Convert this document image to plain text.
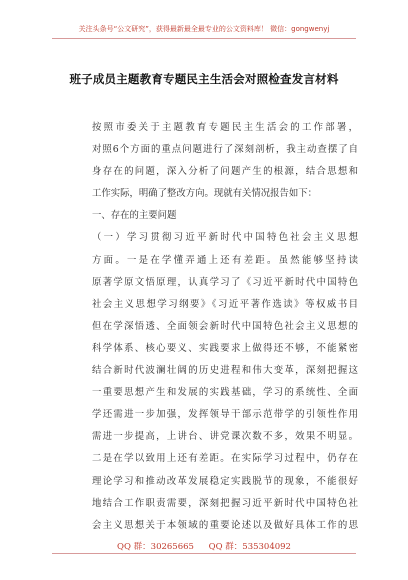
关注头条号“公文研究”，获得最新最全最专业的公文资料库！ 微信：gongwenyj
班子成员主题教育专题民主生活会对照检查发言材料
按照市委关于主题教育专题民主生活会的工作部署，
对照6个方面的重点问题进行了深刻剖析，我主动查摆了自
身存在的问题，深入分析了问题产生的根源，结合思想和
工作实际，明确了整改方向。现就有关情况报告如下：
一、存在的主要问题
（一）学习贯彻习近平新时代中国特色社会主义思想
方面。一是在学懂弄通上还有差距。虽然能够坚持读
原著学原文悟原理，认真学习了《习近平新时代中国特色
社会主义思想学习纲要》《习近平著作选读》等权威书目
但在学深悟透、全面领会新时代中国特色社会主义思想的
科学体系、核心要义、实践要求上做得还不够，不能紧密
结合新时代波澜壮阔的历史进程和伟大变革，深刻把握这
一重要思想产生和发展的实践基础，学习的系统性、全面
学还需进一步加强，发挥领导干部示范带学的引领性作用
需进一步提高，上讲台、讲党课次数不多，效果不明显。
二是在学以致用上还有差距。在实际学习过程中，仍存在
理论学习和推动改革发展稳定实践脱节的现象，不能很好
地结合工作职责需要，深刻把握习近平新时代中国特色社
会主义思想关于本领域的重要论述以及做好具体工作的思
QQ 群：30265665 QQ 群：535304092
